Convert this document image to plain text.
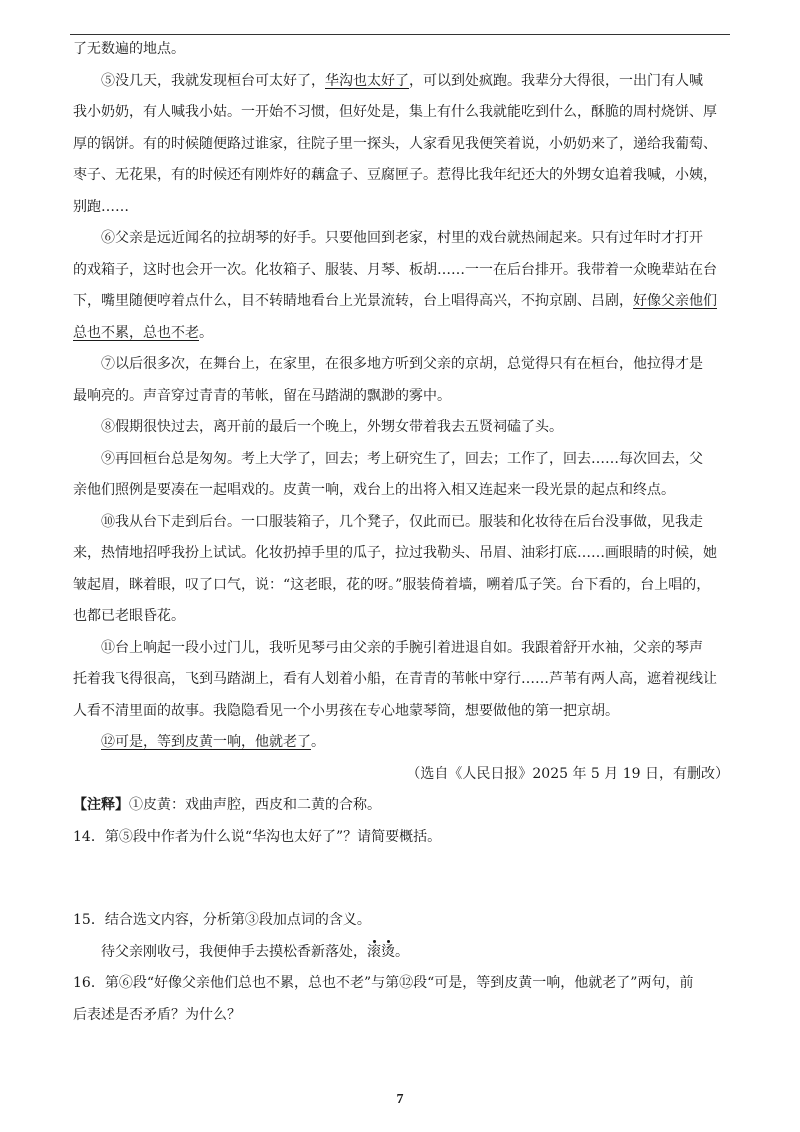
了无数遍的地点。

⑤没几天，我就发现桓台可太好了，华沟也太好了，可以到处疯跑。我辈分大得很，一出门有人喊

我小奶奶，有人喊我小姑。一开始不习惯，但好处是，集上有什么我就能吃到什么，酥脆的周村烧饼、厚

厚的锅饼。有的时候随便路过谁家，往院子里一探头，人家看见我便笑着说，小奶奶来了，递给我葡萄、

枣子、无花果，有的时候还有刚炸好的藕盒子、豆腐匣子。惹得比我年纪还大的外甥女追着我喊，小姨，

别跑……

⑥父亲是远近闻名的拉胡琴的好手。只要他回到老家，村里的戏台就热闹起来。只有过年时才打开

的戏箱子，这时也会开一次。化妆箱子、服装、月琴、板胡……一一在后台排开。我带着一众晚辈站在台

下，嘴里随便哼着点什么，目不转睛地看台上光景流转，台上唱得高兴，不拘京剧、吕剧，好像父亲他们

总也不累，总也不老。

⑦以后很多次，在舞台上，在家里，在很多地方听到父亲的京胡，总觉得只有在桓台，他拉得才是

最响亮的。声音穿过青青的苇帐，留在马踏湖的飘渺的雾中。

⑧假期很快过去，离开前的最后一个晚上，外甥女带着我去五贤祠磕了头。

⑨再回桓台总是匆匆。考上大学了，回去；考上研究生了，回去；工作了，回去……每次回去，父

亲他们照例是要凑在一起唱戏的。皮黄一响，戏台上的出将入相又连起来一段光景的起点和终点。

⑩我从台下走到后台。一口服装箱子，几个凳子，仅此而已。服装和化妆待在后台没事做，见我走

来，热情地招呼我扮上试试。化妆扔掉手里的瓜子，拉过我勒头、吊眉、油彩打底……画眼睛的时候，她

皱起眉，眯着眼，叹了口气，说：“这老眼，花的呀。”服装倚着墙，嗍着瓜子笑。台下看的，台上唱的，

也都已老眼昏花。

⑪台上响起一段小过门儿，我听见琴弓由父亲的手腕引着进退自如。我跟着舒开水袖，父亲的琴声

托着我飞得很高，飞到马踏湖上，看有人划着小船，在青青的苇帐中穿行……芦苇有两人高，遮着视线让

人看不清里面的故事。我隐隐看见一个小男孩在专心地蒙琴筒，想要做他的第一把京胡。

⑫可是，等到皮黄一响，他就老了。

（选自《人民日报》2025 年 5 月 19 日，有删改）

【注释】①皮黄：戏曲声腔，西皮和二黄的合称。

14．第⑤段中作者为什么说“华沟也太好了”？请简要概括。

15．结合选文内容，分析第③段加点词的含义。

待父亲刚收弓，我便伸手去摸松香新落处，滚烫。

16．第⑥段“好像父亲他们总也不累，总也不老”与第⑫段“可是，等到皮黄一响，他就老了”两句，前

后表述是否矛盾？为什么？

7
